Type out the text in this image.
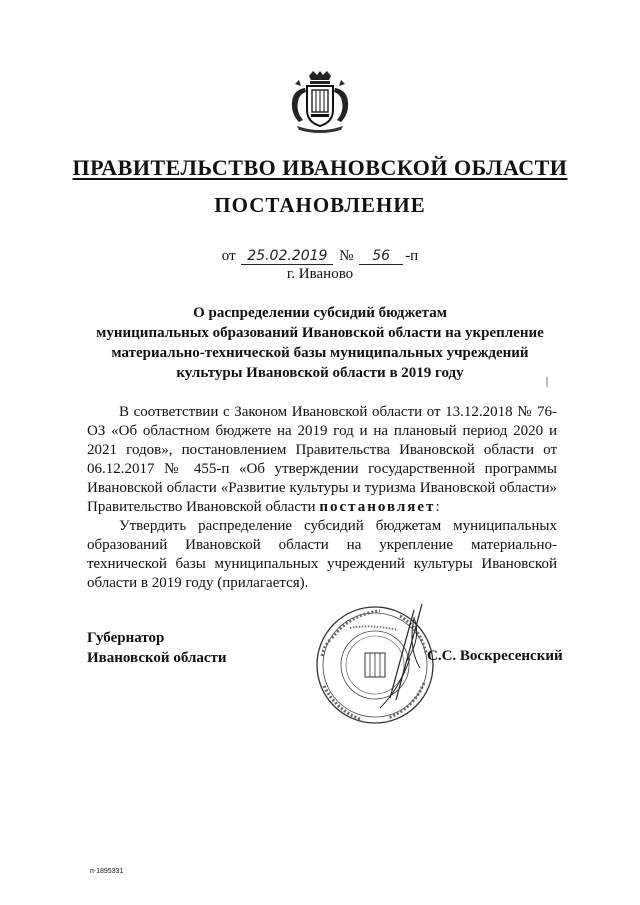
ПРАВИТЕЛЬСТВО ИВАНОВСКОЙ ОБЛАСТИ
ПОСТАНОВЛЕНИЕ
от 25.02.2019 № 56 -п
г. Иваново
О распределении субсидий бюджетам
муниципальных образований Ивановской области на укрепление
материально-технической базы муниципальных учреждений
культуры Ивановской области в 2019 году

В соответствии с Законом Ивановской области от 13.12.2018 № 76-ОЗ «Об областном бюджете на 2019 год и на плановый период 2020 и 2021 годов», постановлением Правительства Ивановской области от 06.12.2017 № 455-п «Об утверждении государственной программы Ивановской области «Развитие культуры и туризма Ивановской области» Правительство Ивановской области постановляет:

Утвердить распределение субсидий бюджетам муниципальных образований Ивановской области на укрепление материально-технической базы муниципальных учреждений культуры Ивановской области в 2019 году (прилагается).

Губернатор
Ивановской области	С.С. Воскресенский
п-1895331
